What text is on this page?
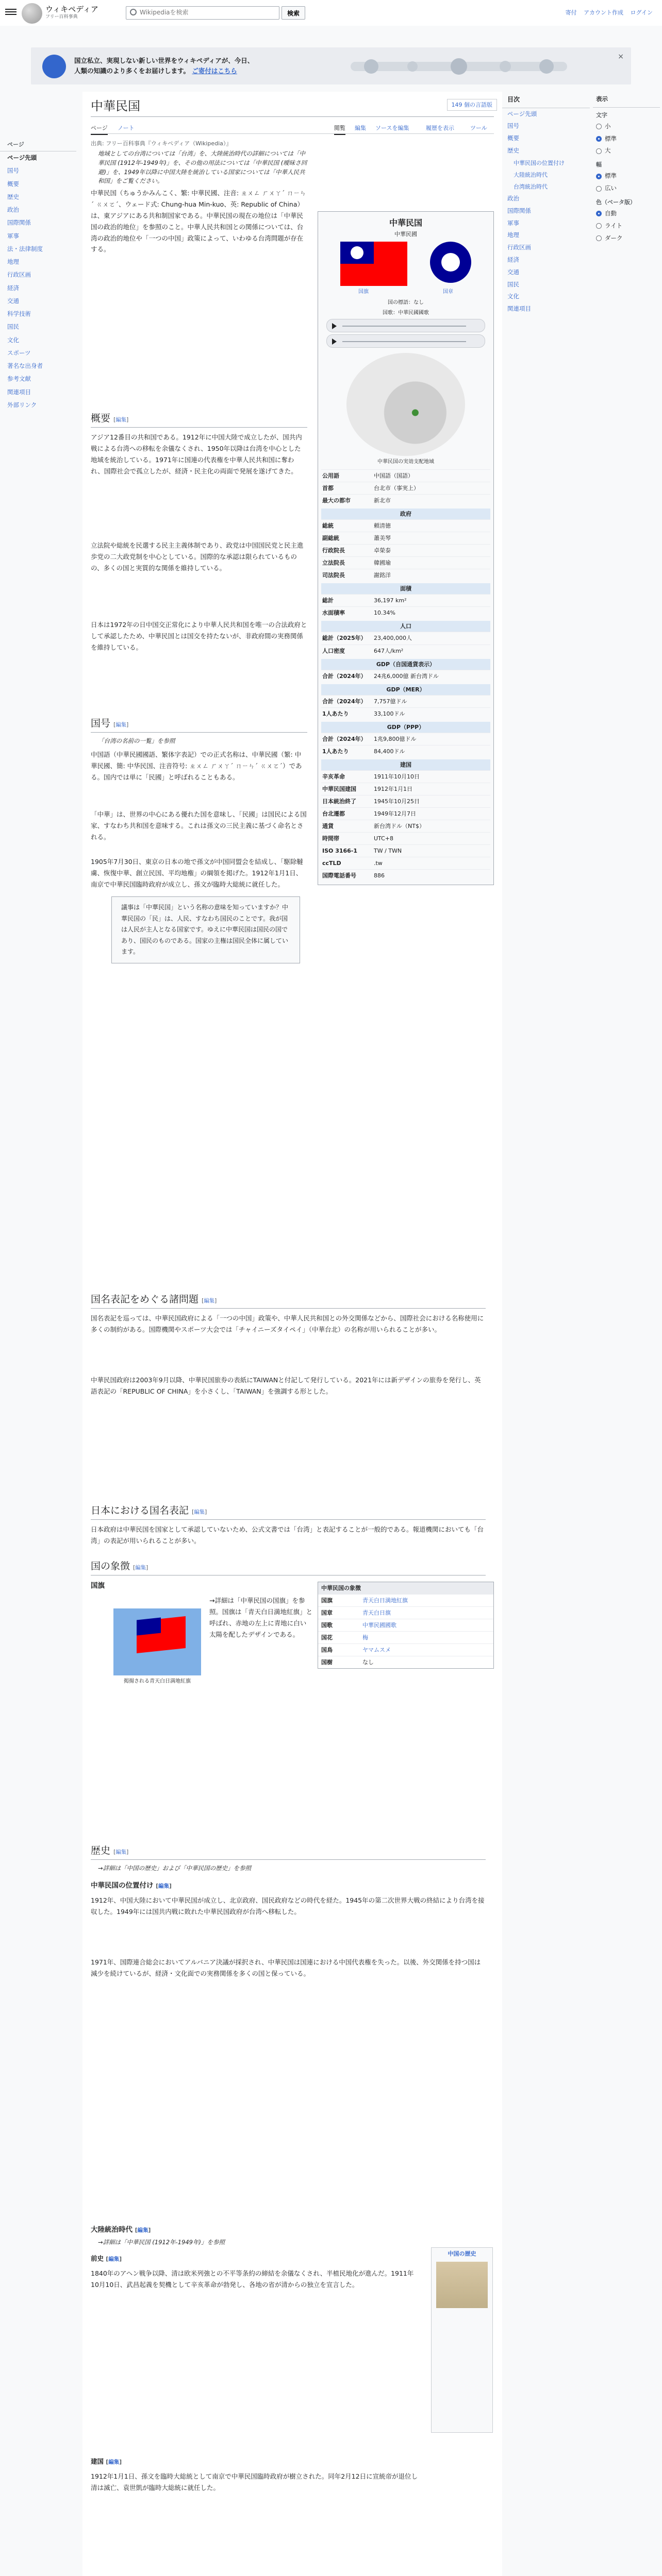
ウィキペディア
フリー百科事典
Wikipediaを検索
検索	寄付 アカウント作成 ログイン
国立私立、実現しない新しい世界をウィキペディアが、今日、人類の知識のより多くをお届けします。 ご寄付はこちら
×
ページ
ページ先頭
国号
概要
歴史
政治
国際関係
軍事
法・法律制度
地理
行政区画
経済
交通
科学技術
国民
文化
スポーツ
著名な出身者
参考文献
関連項目
外部リンク
中華民国	149 個の言語版
ページ ノート	閲覧 編集 ソースを編集	履歴を表示	ツール
出典: フリー百科事典『ウィキペディア（Wikipedia）』
地域としての台湾については「台湾」を、大陸統治時代の詳細については「中華民国 (1912年-1949年)」を、その他の用法については「中華民国 (曖昧さ回避)」を、1949年以降に中国大陸を統治している国家については「中華人民共和国」をご覧ください。
中華民国（ちゅうかみんこく、繁: 中華民國、注音: ㄓㄨㄥ ㄏㄨㄚˊ ㄇㄧㄣˊ ㄍㄨㄛˊ、ウェード式: Chung-hua Min-kuo、英: Republic of China）は、東アジアにある共和制国家である。中華民国の現在の地位は「中華民国の政治的地位」を参照のこと。中華人民共和国との関係については、台湾の政治的地位や「一つの中国」政策によって、いわゆる台湾問題が存在する。
中華民国
中華民國

国旗	国章
国の標語：なし
国歌：中華民國國歌
中華民国の実効支配地域
公用語	中国語（国語）
首都	台北市（事実上）
最大の都市	新北市
政府
総統	頼清徳
副総統	蕭美琴
行政院長	卓榮泰
立法院長	韓國瑜
司法院長	謝銘洋
面積
総計	36,197 km²
水面積率	10.34%
人口
総計（2025年）	23,400,000人
人口密度	647人/km²
GDP（自国通貨表示）
合計（2024年）	24兆6,000億 新台湾ドル
GDP（MER）
合計（2024年）	7,757億ドル
1人あたり	33,100ドル
GDP（PPP）
合計（2024年）	1兆9,800億ドル
1人あたり	84,400ドル
建国
辛亥革命	1911年10月10日
中華民国建国	1912年1月1日
日本統治終了	1945年10月25日
台北遷都	1949年12月7日
通貨	新台湾ドル（NT$）
時間帯	UTC+8
ISO 3166-1	TW / TWN
ccTLD	.tw
国際電話番号	886
概要 [編集]
アジア12番目の共和国である。1912年に中国大陸で成立したが、国共内戦による台湾への移転を余儀なくされ、1950年以降は台湾を中心とした地域を統治している。1971年に国連の代表権を中華人民共和国に奪われ、国際社会で孤立したが、経済・民主化の両面で発展を遂げてきた。
立法院や総統を民選する民主主義体制であり、政党は中国国民党と民主進歩党の二大政党制を中心としている。国際的な承認は限られているものの、多くの国と実質的な関係を維持している。
日本は1972年の日中国交正常化により中華人民共和国を唯一の合法政府として承認したため、中華民国とは国交を持たないが、非政府間の実務関係を維持している。
国号 [編集]
「台湾の名前の一覧」を参照
中国語（中華民國國語、繁体字表記）での正式名称は、中華民國（繁: 中華民國、簡: 中华民国、注音符号: ㄓㄨㄥ ㄏㄨㄚˊ ㄇㄧㄣˊ ㄍㄨㄛˊ）である。国内では単に「民國」と呼ばれることもある。
「中華」は、世界の中心にある優れた国を意味し、「民國」は国民による国家、すなわち共和国を意味する。これは孫文の三民主義に基づく命名とされる。
1905年7月30日、東京の日本の地で孫文が中国同盟会を結成し、「駆除韃虜、恢復中華、創立民国、平均地権」の綱領を掲げた。1912年1月1日、南京で中華民国臨時政府が成立し、孫文が臨時大総統に就任した。
議事は「中華民国」という名称の意味を知っていますか？中華民国の「民」は、人民、すなわち国民のことです。我が国は人民が主人となる国家です。ゆえに中華民国は国民の国であり、国民のものである。国家の主権は国民全体に属しています。
国名表記をめぐる諸問題 [編集]
国名表記を巡っては、中華民国政府による「一つの中国」政策や、中華人民共和国との外交関係などから、国際社会における名称使用に多くの制約がある。国際機関やスポーツ大会では「チャイニーズタイペイ」（中華台北）の名称が用いられることが多い。
中華民国政府は2003年9月以降、中華民国旅券の表紙にTAIWANと付記して発行している。2021年には新デザインの旅券を発行し、英語表記の「REPUBLIC OF CHINA」を小さくし、「TAIWAN」を強調する形とした。
日本における国名表記 [編集]
日本政府は中華民国を国家として承認していないため、公式文書では「台湾」と表記することが一般的である。報道機関においても「台湾」の表記が用いられることが多い。
国の象徴 [編集]
国旗
掲揚される青天白日満地紅旗
→詳細は「中華民国の国旗」を参照。国旗は「青天白日満地紅旗」と呼ばれ、赤地の左上に青地に白い太陽を配したデザインである。
中華民国の象徴
国旗	青天白日満地紅旗
国章	青天白日旗
国歌	中華民國國歌
国花	梅
国鳥	ヤマムスメ
国樹	なし
歴史 [編集]
→詳細は「中国の歴史」および「中華民国の歴史」を参照
中華民国の位置付け [編集]
1912年、中国大陸において中華民国が成立し、北京政府、国民政府などの時代を経た。1945年の第二次世界大戦の終結により台湾を接収した。1949年には国共内戦に敗れた中華民国政府が台湾へ移転した。
1971年、国際連合総会においてアルバニア決議が採択され、中華民国は国連における中国代表権を失った。以後、外交関係を持つ国は減少を続けているが、経済・文化面での実務関係を多くの国と保っている。
大陸統治時代 [編集]
→詳細は「中華民国 (1912年-1949年)」を参照
前史 [編集]
1840年のアヘン戦争以降、清は欧米列強との不平等条約の締結を余儀なくされ、半植民地化が進んだ。1911年10月10日、武昌起義を契機として辛亥革命が勃発し、各地の省が清からの独立を宣言した。
建国 [編集]
1912年1月1日、孫文を臨時大総統として南京で中華民国臨時政府が樹立された。同年2月12日に宣統帝が退位し清は滅亡、袁世凱が臨時大総統に就任した。
中国の歴史
目次
ページ先頭
国号
概要
歴史
中華民国の位置付け
大陸統治時代
台湾統治時代
政治
国際関係
軍事
地理
行政区画
経済
交通
国民
文化
関連項目
表示
文字
小
標準
大
幅
標準
広い
色（ベータ版）
自動
ライト
ダーク
